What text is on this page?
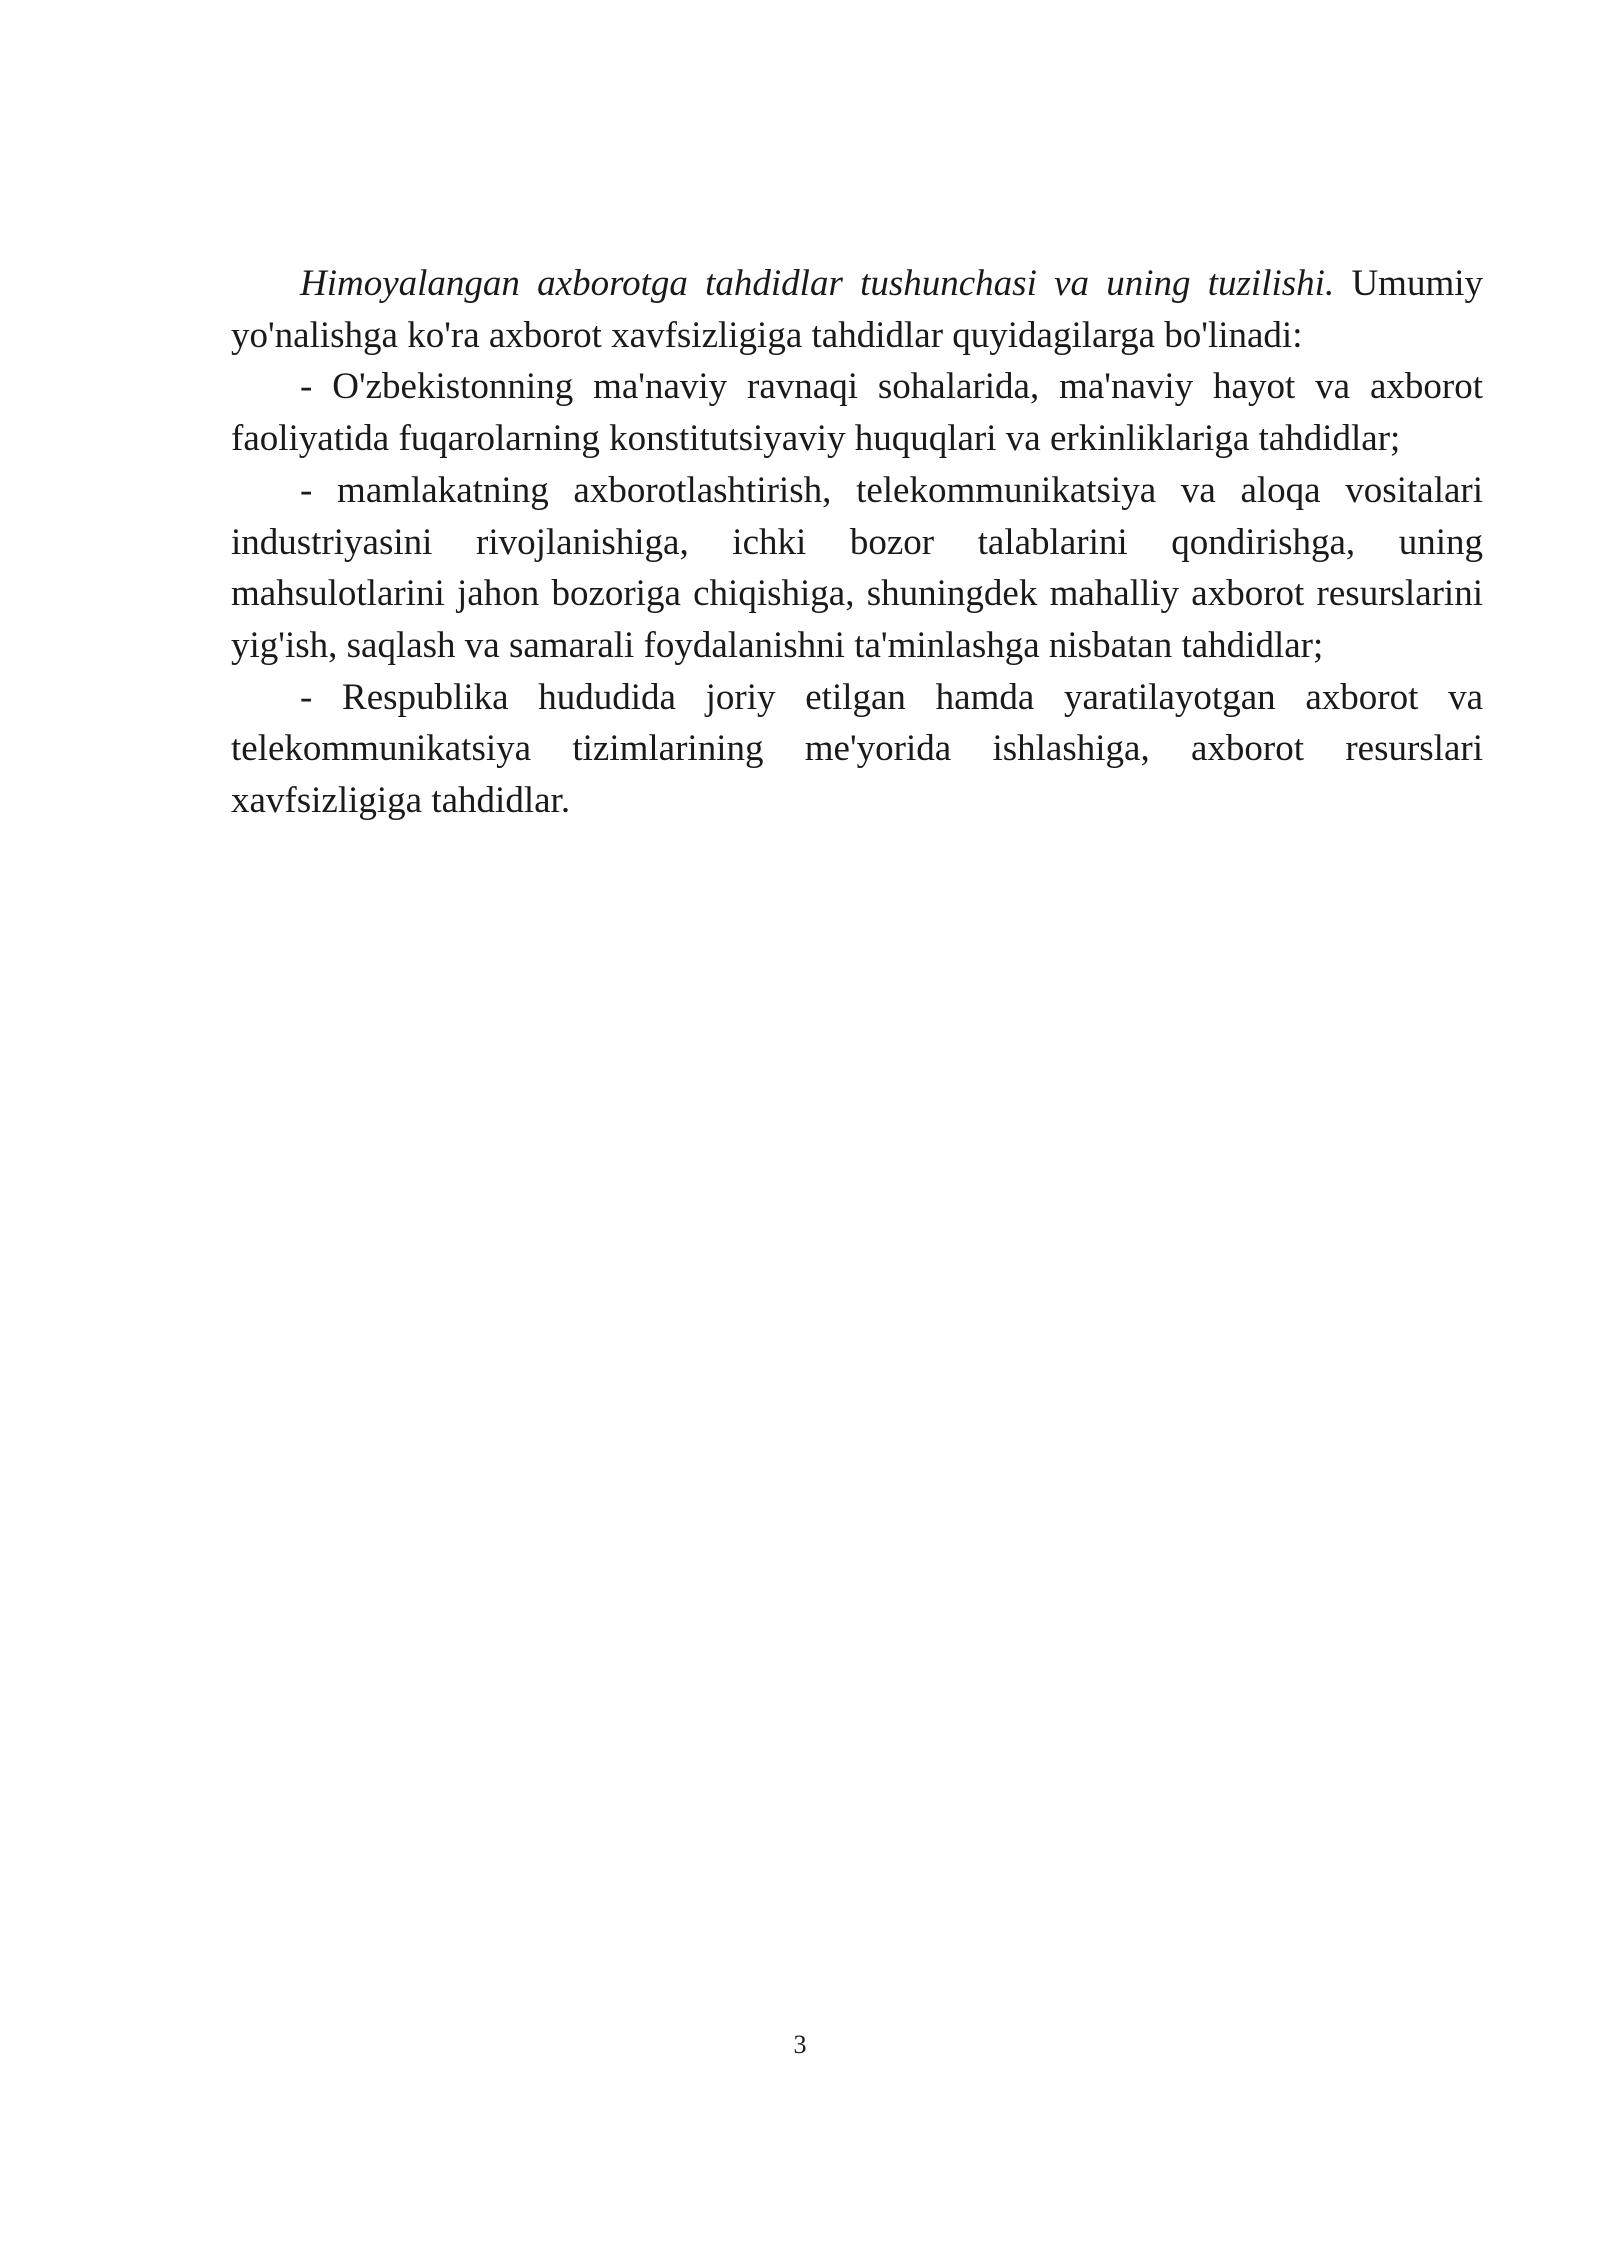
Himoyalangan axborotga tahdidlar tushunchasi va uning tuzilishi. Umumiy yo'nalishga ko'ra axborot xavfsizligiga tahdidlar quyidagilarga bo'linadi:

- O'zbekistonning ma'naviy ravnaqi sohalarida, ma'naviy hayot va axborot faoliyatida fuqarolarning konstitutsiyaviy huquqlari va erkinliklariga tahdidlar;

- mamlakatning axborotlashtirish, telekommunikatsiya va aloqa vositalari industriyasini rivojlanishiga, ichki bozor talablarini qondirishga, uning mahsulotlarini jahon bozoriga chiqishiga, shuningdek mahalliy axborot resurslarini yig'ish, saqlash va samarali foydalanishni ta'minlashga nisbatan tahdidlar;

- Respublika hududida joriy etilgan hamda yaratilayotgan axborot va telekommunikatsiya tizimlarining me'yorida ishlashiga, axborot resurslari xavfsizligiga tahdidlar.

3
